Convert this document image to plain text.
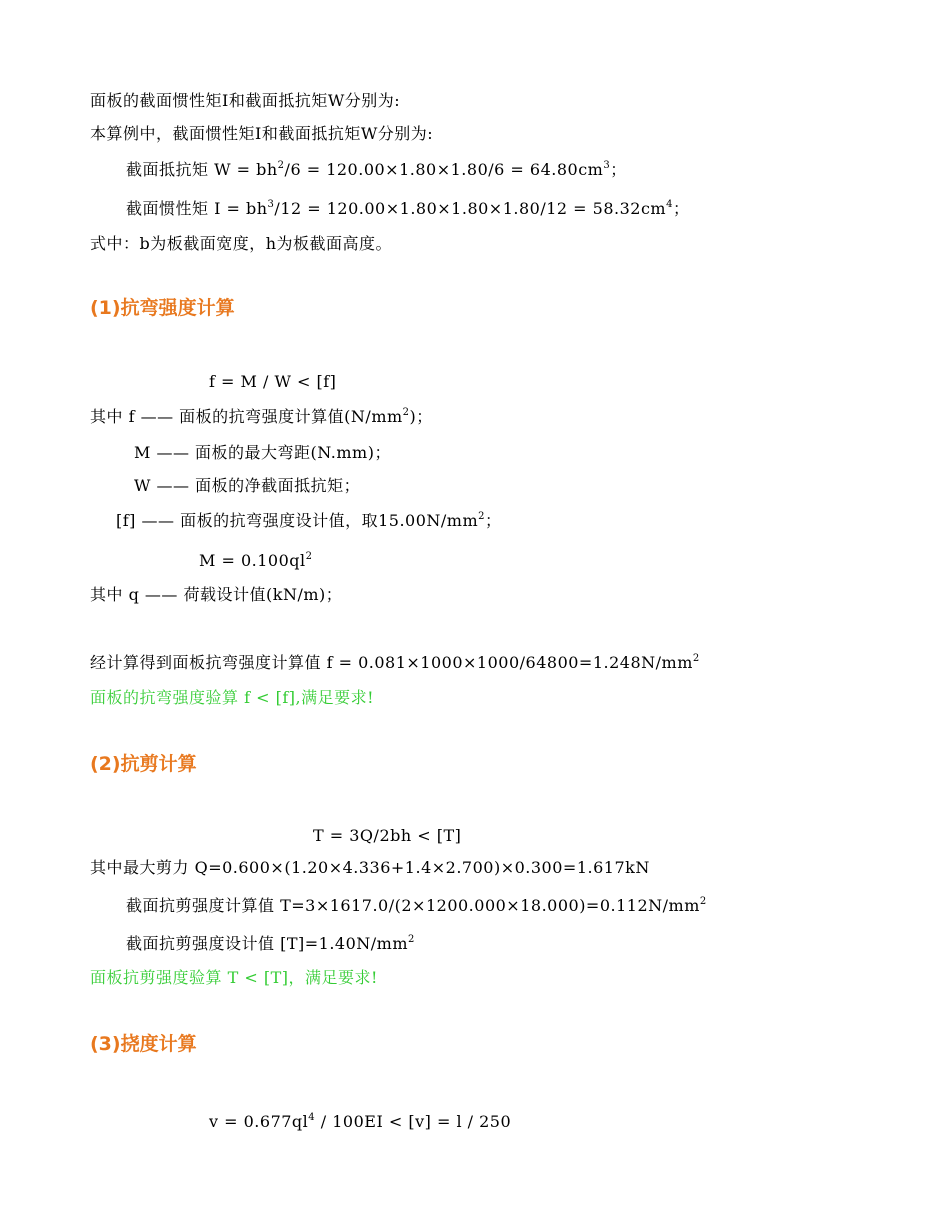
面板的截面惯性矩I和截面抵抗矩W分别为:
本算例中，截面惯性矩I和截面抵抗矩W分别为:
截面抵抗矩 $W = bh^2/6 = 120.00\times 1.80\times 1.80/6 = 64.80cm^3$；
截面惯性矩 $I = bh^3/12 = 120.00\times 1.80\times 1.80\times 1.80/12 = 58.32cm^4$；
式中：b为板截面宽度，h为板截面高度。
(1)抗弯强度计算
f = M / W < [f]
其中 f —— 面板的抗弯强度计算值$(N/mm^2)$；
M —— 面板的最大弯距(N.mm)；
W —— 面板的净截面抵抗矩；
[f] —— 面板的抗弯强度设计值，取$15.00N/mm^2$；
$M = 0.100ql^2$
其中 q —— 荷载设计值(kN/m)；
经计算得到面板抗弯强度计算值 $f = 0.081\times 1000\times 1000/64800=1.248N/mm^2$
面板的抗弯强度验算 f < [f],满足要求!
(2)抗剪计算
T = 3Q/2bh < [T]
其中最大剪力 Q=0.600×(1.20×4.336+1.4×2.700)×0.300=1.617kN
截面抗剪强度计算值 $T=3\times 1617.0/(2\times 1200.000\times 18.000)=0.112N/mm^2$
截面抗剪强度设计值 $[T]=1.40N/mm^2$
面板抗剪强度验算 T < [T]，满足要求!
(3)挠度计算
$v = 0.677ql^4 / 100EI < [v] = l / 250$
